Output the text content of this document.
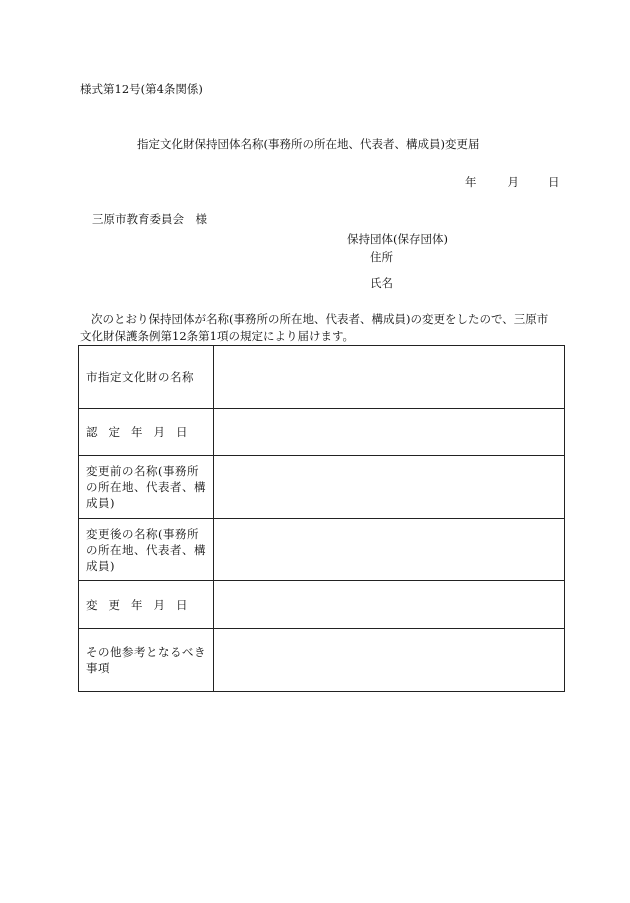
様式第12号(第4条関係)
指定文化財保持団体名称(事務所の所在地、代表者、構成員)変更届
年	月	日
三原市教育委員会　様
保持団体(保存団体)
住所
氏名
次のとおり保持団体が名称(事務所の所在地、代表者、構成員)の変更をしたので、三原市文化財保護条例第12条第1項の規定により届けます。
市指定文化財の名称	
認定年月日	
変更前の名称(事務所の所在地、代表者、構成員)	
変更後の名称(事務所の所在地、代表者、構成員)	
変更年月日	
その他参考となるべき事項	
